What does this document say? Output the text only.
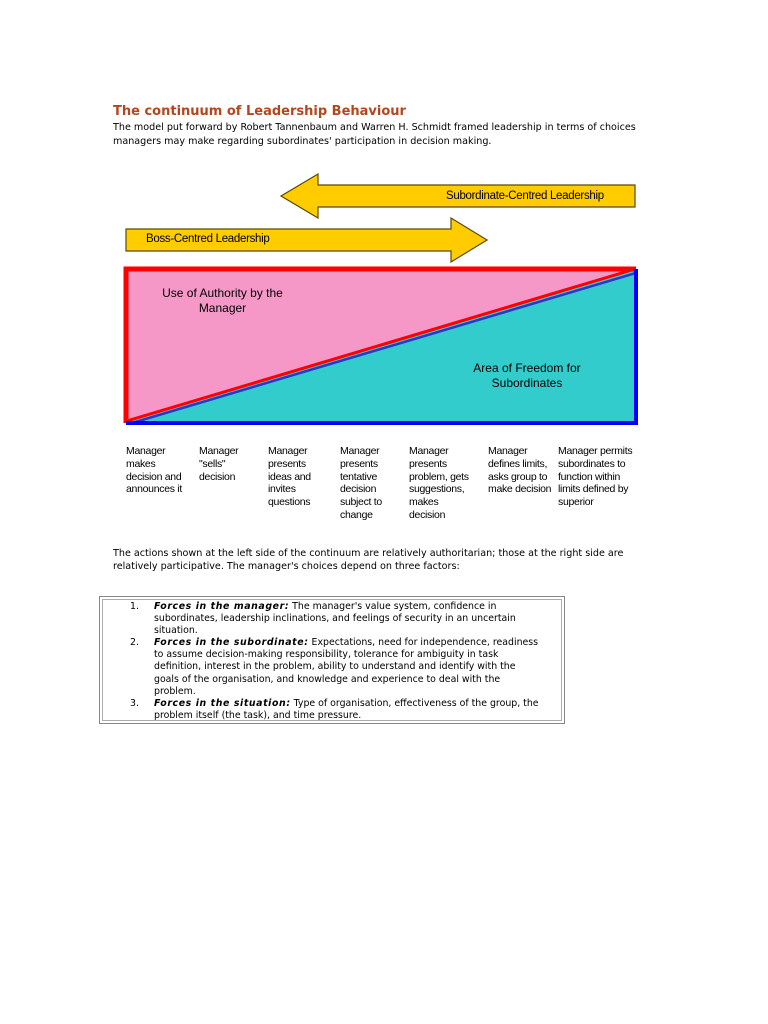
The continuum of Leadership Behaviour
The model put forward by Robert Tannenbaum and Warren H. Schmidt framed leadership in terms of choices managers may make regarding subordinates' participation in decision making.
Subordinate-Centred Leadership
Boss-Centred Leadership
Use of Authority by the Manager
Area of Freedom for Subordinates
Manager makes decision and announces it
Manager "sells" decision
Manager presents ideas and invites questions
Manager presents tentative decision subject to change
Manager presents problem, gets suggestions, makes decision
Manager defines limits, asks group to make decision
Manager permits subordinates to function within limits defined by superior
The actions shown at the left side of the continuum are relatively authoritarian; those at the right side are relatively participative. The manager's choices depend on three factors:
1. Forces in the manager: The manager's value system, confidence in subordinates, leadership inclinations, and feelings of security in an uncertain situation.
2. Forces in the subordinate: Expectations, need for independence, readiness to assume decision-making responsibility, tolerance for ambiguity in task definition, interest in the problem, ability to understand and identify with the goals of the organisation, and knowledge and experience to deal with the problem.
3. Forces in the situation: Type of organisation, effectiveness of the group, the problem itself (the task), and time pressure.
